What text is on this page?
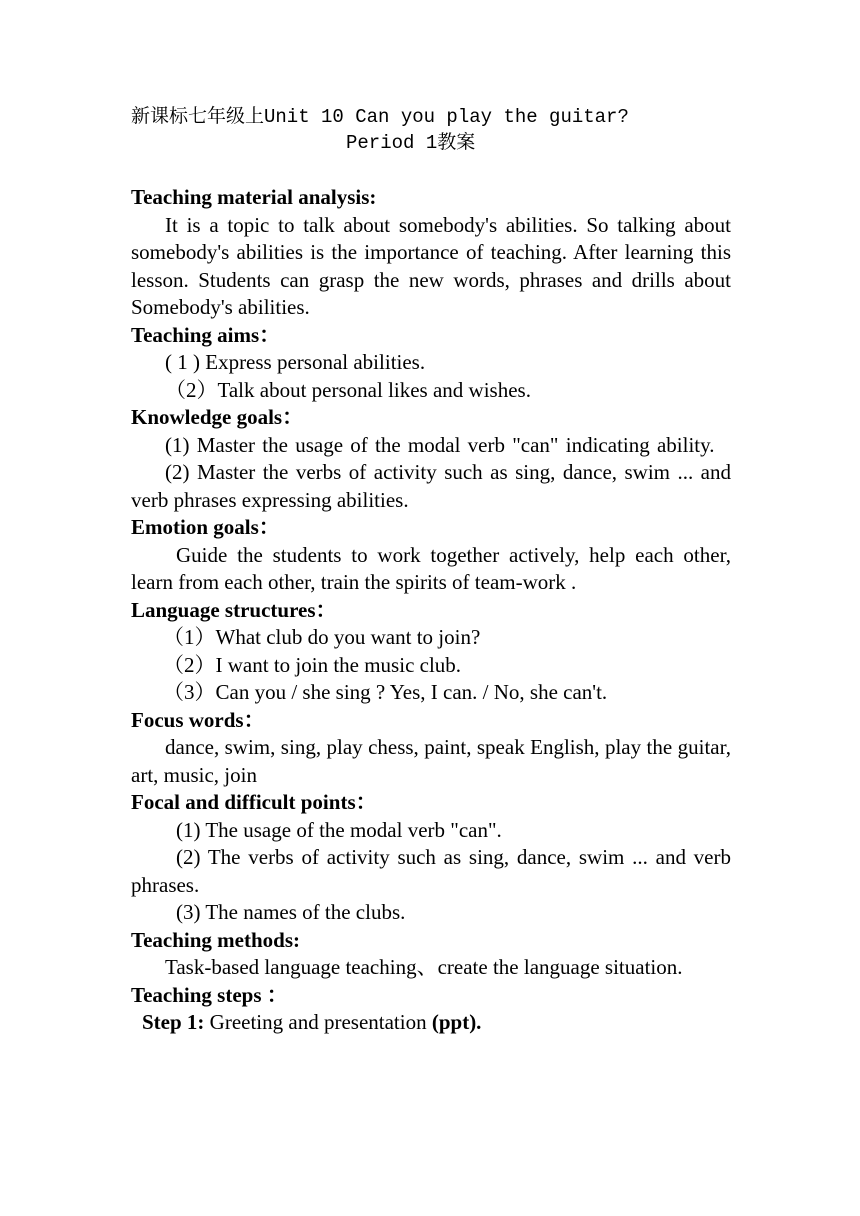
新课标七年级上Unit 10 Can you play the guitar?
Period 1教案

Teaching material analysis:

It is a topic to talk about somebody's abilities. So talking about somebody's abilities is the importance of teaching. After learning this lesson. Students can grasp the new words, phrases and drills about Somebody's abilities.

Teaching aims：

( 1 ) Express personal abilities.

（2）Talk about personal likes and wishes.

Knowledge goals：

(1) Master the usage of the modal verb "can" indicating ability.

(2) Master the verbs of activity such as sing, dance, swim ... and verb phrases expressing abilities.

Emotion goals：

Guide the students to work together actively, help each other, learn from each other, train the spirits of team-work .

Language structures：

（1）What club do you want to join?

（2）I want to join the music club.

（3）Can you / she sing ? Yes, I can. / No, she can't.

Focus words：

dance, swim, sing, play chess, paint, speak English, play the guitar, art, music, join

Focal and difficult points：

(1) The usage of the modal verb "can".

(2) The verbs of activity such as sing, dance, swim ... and verb phrases.

(3) The names of the clubs.

Teaching methods:

Task-based language teaching、create the language situation.

Teaching steps ：

Step 1: Greeting and presentation (ppt).
